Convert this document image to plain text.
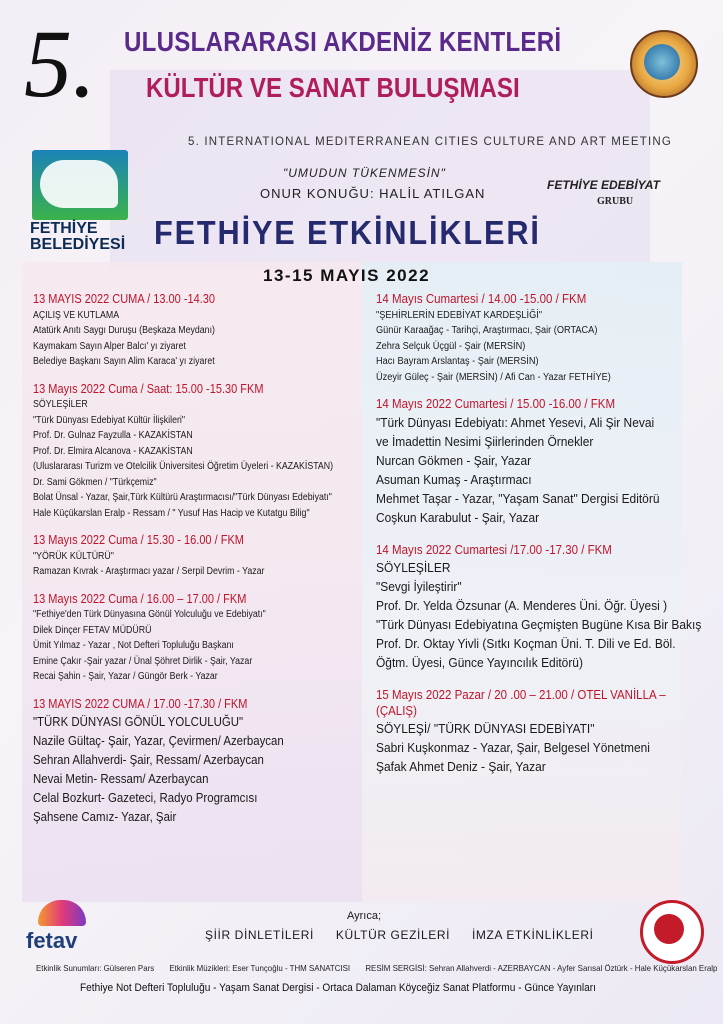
5. ULUSLARARASI AKDENİZ KENTLERİ
KÜLTÜR VE SANAT BULUŞMASI
5. INTERNATIONAL MEDITERRANEAN CITIES CULTURE AND ART MEETING
"UMUDUN TÜKENMESİN"
ONUR KONUĞU: HALİL ATILGAN
FETHİYE
BELEDİYESİ
FETHİYE EDEBİYAT
GRUBU
FETHİYE ETKİNLİKLERİ
13-15 MAYIS 2022
13 MAYIS 2022 CUMA / 13.00 -14.30
AÇILIŞ VE KUTLAMA
Atatürk Anıtı Saygı Duruşu (Beşkaza Meydanı)
Kaymakam Sayın Alper Balcı' yı ziyaret
Belediye Başkanı Sayın Alim Karaca' yı ziyaret
13 Mayıs 2022 Cuma / Saat: 15.00 -15.30 FKM
SÖYLEŞİLER
"Türk Dünyası Edebiyat Kültür İlişkileri"
Prof. Dr. Gulnaz Fayzulla - KAZAKİSTAN
Prof. Dr. Elmira Alcanova - KAZAKİSTAN
(Uluslararası Turizm ve Otelcilik Üniversitesi Öğretim Üyeleri - KAZAKİSTAN)
Dr. Sami Gökmen / "Türkçemiz"
Bolat Ünsal - Yazar, Şair,Türk Kültürü Araştırmacısı/"Türk Dünyası Edebiyatı"
Hale Küçükarslan Eralp - Ressam / " Yusuf Has Hacip ve Kutatgu Bilig"
13 Mayıs 2022 Cuma / 15.30 - 16.00 / FKM
"YÖRÜK KÜLTÜRÜ"
Ramazan Kıvrak - Araştırmacı yazar / Serpil Devrim - Yazar
13 Mayıs 2022 Cuma / 16.00 – 17.00 / FKM
"Fethiye'den Türk Dünyasına Gönül Yolculuğu ve Edebiyatı"
Dilek Dinçer FETAV MÜDÜRÜ
Ümit Yılmaz - Yazar , Not Defteri Topluluğu Başkanı
Emine Çakır -Şair yazar / Ünal Şöhret Dirlik - Şair, Yazar
Recai Şahin - Şair, Yazar / Güngör Berk - Yazar
13 MAYIS 2022 CUMA / 17.00 -17.30 / FKM
"TÜRK DÜNYASI GÖNÜL YOLCULUĞU"
Nazile Gültaç- Şair, Yazar, Çevirmen/ Azerbaycan
Sehran Allahverdi- Şair, Ressam/ Azerbaycan
Nevai Metin- Ressam/ Azerbaycan
Celal Bozkurt- Gazeteci, Radyo Programcısı
Şahsene Camız- Yazar, Şair
14 Mayıs Cumartesi / 14.00 -15.00 / FKM
"ŞEHİRLERİN EDEBİYAT KARDEŞLİĞİ"
Günür Karaağaç - Tarihçi, Araştırmacı, Şair (ORTACA)
Zehra Selçuk Üçgül - Şair (MERSİN)
Hacı Bayram Arslantaş - Şair (MERSİN)
Üzeyir Güleç - Şair (MERSİN) / Afi Can - Yazar FETHİYE)
14 Mayıs 2022 Cumartesi / 15.00 -16.00 / FKM
"Türk Dünyası Edebiyatı: Ahmet Yesevi, Ali Şir Nevai
ve İmadettin Nesimi Şiirlerinden Örnekler
Nurcan Gökmen - Şair, Yazar
Asuman Kumaş - Araştırmacı
Mehmet Taşar - Yazar, "Yaşam Sanat" Dergisi Editörü
Coşkun Karabulut - Şair, Yazar
14 Mayıs 2022 Cumartesi /17.00 -17.30 / FKM
SÖYLEŞİLER
"Sevgi İyileştirir"
Prof. Dr. Yelda Özsunar (A. Menderes Üni. Öğr. Üyesi )
"Türk Dünyası Edebiyatına Geçmişten Bugüne Kısa Bir Bakış
Prof. Dr. Oktay Yivli (Sıtkı Koçman Üni. T. Dili ve Ed. Böl.
Öğtm. Üyesi, Günce Yayıncılık Editörü)
15 Mayıs 2022 Pazar / 20 .00 – 21.00 / OTEL VANİLLA – (ÇALIŞ)
SÖYLEŞİ/ "TÜRK DÜNYASI EDEBİYATI"
Sabri Kuşkonmaz - Yazar, Şair, Belgesel Yönetmeni
Şafak Ahmet Deniz - Şair, Yazar
fetav
Ayrıca;
ŞİİR DİNLETİLERİ KÜLTÜR GEZİLERİ İMZA ETKİNLİKLERİ
Etkinlik Sunumları: Gülseren Pars Etkinlik Müzikleri: Eser Tunçoğlu - THM SANATCISI RESİM SERGİSİ: Sehran Allahverdi - AZERBAYCAN - Ayfer Sarısal Öztürk - Hale Küçükarslan Eralp
Fethiye Not Defteri Topluluğu - Yaşam Sanat Dergisi - Ortaca Dalaman Köyceğiz Sanat Platformu - Günce Yayınları
